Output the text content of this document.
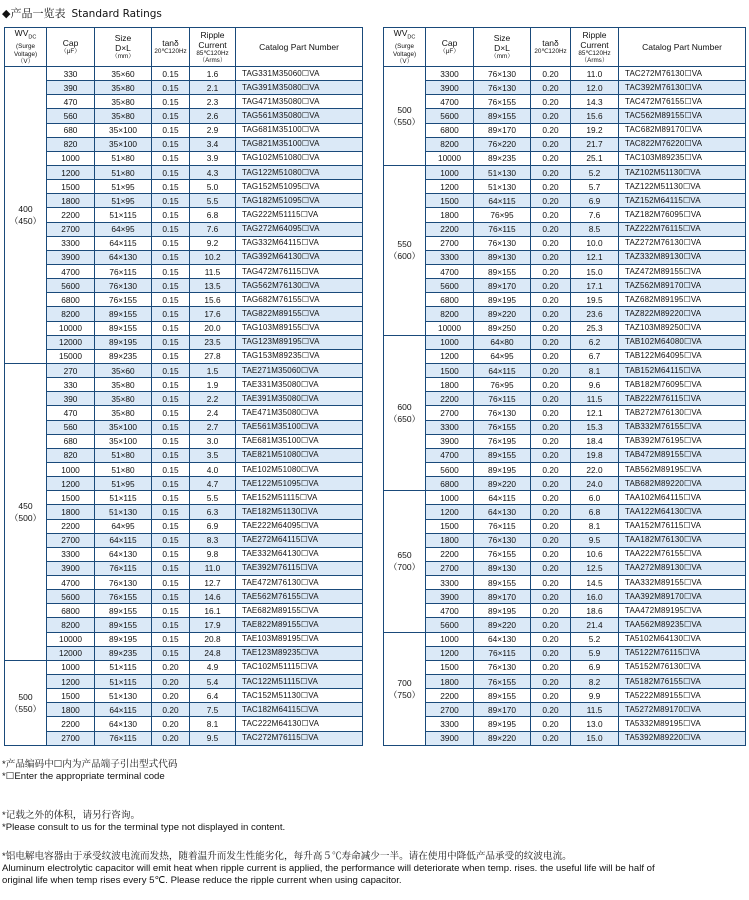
◆产品一览表 Standard Ratings
$WV_{DC}$
(Surge
Voltage)
（V）	Cap
（μF）	Size
D×L
（mm）	tanδ
20℃120Hz	Ripple
Current
85℃120Hz
（Arms）	Catalog Part Number

400
（450）	330	35×60	0.15	1.6	TAG331M35060☐VA
	390	35×80	0.15	2.1	TAG391M35080☐VA
	470	35×80	0.15	2.3	TAG471M35080☐VA
	560	35×80	0.15	2.6	TAG561M35080☐VA
	680	35×100	0.15	2.9	TAG681M35100☐VA
	820	35×100	0.15	3.4	TAG821M35100☐VA
	1000	51×80	0.15	3.9	TAG102M51080☐VA
	1200	51×80	0.15	4.3	TAG122M51080☐VA
	1500	51×95	0.15	5.0	TAG152M51095☐VA
	1800	51×95	0.15	5.5	TAG182M51095☐VA
	2200	51×115	0.15	6.8	TAG222M51115☐VA
	2700	64×95	0.15	7.6	TAG272M64095☐VA
	3300	64×115	0.15	9.2	TAG332M64115☐VA
	3900	64×130	0.15	10.2	TAG392M64130☐VA
	4700	76×115	0.15	11.5	TAG472M76115☐VA
	5600	76×130	0.15	13.5	TAG562M76130☐VA
	6800	76×155	0.15	15.6	TAG682M76155☐VA
	8200	89×155	0.15	17.6	TAG822M89155☐VA
	10000	89×155	0.15	20.0	TAG103M89155☐VA
	12000	89×195	0.15	23.5	TAG123M89195☐VA
	15000	89×235	0.15	27.8	TAG153M89235☐VA

450
（500）	270	35×60	0.15	1.5	TAE271M35060☐VA
	330	35×80	0.15	1.9	TAE331M35080☐VA
	390	35×80	0.15	2.2	TAE391M35080☐VA
	470	35×80	0.15	2.4	TAE471M35080☐VA
	560	35×100	0.15	2.7	TAE561M35100☐VA
	680	35×100	0.15	3.0	TAE681M35100☐VA
	820	51×80	0.15	3.5	TAE821M51080☐VA
	1000	51×80	0.15	4.0	TAE102M51080☐VA
	1200	51×95	0.15	4.7	TAE122M51095☐VA
	1500	51×115	0.15	5.5	TAE152M51115☐VA
	1800	51×130	0.15	6.3	TAE182M51130☐VA
	2200	64×95	0.15	6.9	TAE222M64095☐VA
	2700	64×115	0.15	8.3	TAE272M64115☐VA
	3300	64×130	0.15	9.8	TAE332M64130☐VA
	3900	76×115	0.15	11.0	TAE392M76115☐VA
	4700	76×130	0.15	12.7	TAE472M76130☐VA
	5600	76×155	0.15	14.6	TAE562M76155☐VA
	6800	89×155	0.15	16.1	TAE682M89155☐VA
	8200	89×155	0.15	17.9	TAE822M89155☐VA
	10000	89×195	0.15	20.8	TAE103M89195☐VA
	12000	89×235	0.15	24.8	TAE123M89235☐VA

500
（550）	1000	51×115	0.20	4.9	TAC102M51115☐VA
	1200	51×115	0.20	5.4	TAC122M51115☐VA
	1500	51×130	0.20	6.4	TAC152M51130☐VA
	1800	64×115	0.20	7.5	TAC182M64115☐VA
	2200	64×130	0.20	8.1	TAC222M64130☐VA
	2700	76×115	0.20	9.5	TAC272M76115☐VA
$WV_{DC}$
(Surge
Voltage)
（V）	Cap
（μF）	Size
D×L
（mm）	tanδ
20℃120Hz	Ripple
Current
85℃120Hz
（Arms）	Catalog Part Number

500
（550）	3300	76×130	0.20	11.0	TAC272M76130☐VA
	3900	76×130	0.20	12.0	TAC392M76130☐VA
	4700	76×155	0.20	14.3	TAC472M76155☐VA
	5600	89×155	0.20	15.6	TAC562M89155☐VA
	6800	89×170	0.20	19.2	TAC682M89170☐VA
	8200	76×220	0.20	21.7	TAC822M76220☐VA
	10000	89×235	0.20	25.1	TAC103M89235☐VA

550
（600）	1000	51×130	0.20	5.2	TAZ102M51130☐VA
	1200	51×130	0.20	5.7	TAZ122M51130☐VA
	1500	64×115	0.20	6.9	TAZ152M64115☐VA
	1800	76×95	0.20	7.6	TAZ182M76095☐VA
	2200	76×115	0.20	8.5	TAZ222M76115☐VA
	2700	76×130	0.20	10.0	TAZ272M76130☐VA
	3300	89×130	0.20	12.1	TAZ332M89130☐VA
	4700	89×155	0.20	15.0	TAZ472M89155☐VA
	5600	89×170	0.20	17.1	TAZ562M89170☐VA
	6800	89×195	0.20	19.5	TAZ682M89195☐VA
	8200	89×220	0.20	23.6	TAZ822M89220☐VA
	10000	89×250	0.20	25.3	TAZ103M89250☐VA

600
（650）	1000	64×80	0.20	6.2	TAB102M64080☐VA
	1200	64×95	0.20	6.7	TAB122M64095☐VA
	1500	64×115	0.20	8.1	TAB152M64115☐VA
	1800	76×95	0.20	9.6	TAB182M76095☐VA
	2200	76×115	0.20	11.5	TAB222M76115☐VA
	2700	76×130	0.20	12.1	TAB272M76130☐VA
	3300	76×155	0.20	15.3	TAB332M76155☐VA
	3900	76×195	0.20	18.4	TAB392M76195☐VA
	4700	89×155	0.20	19.8	TAB472M89155☐VA
	5600	89×195	0.20	22.0	TAB562M89195☐VA
	6800	89×220	0.20	24.0	TAB682M89220☐VA

650
（700）	1000	64×115	0.20	6.0	TAA102M64115☐VA
	1200	64×130	0.20	6.8	TAA122M64130☐VA
	1500	76×115	0.20	8.1	TAA152M76115☐VA
	1800	76×130	0.20	9.5	TAA182M76130☐VA
	2200	76×155	0.20	10.6	TAA222M76155☐VA
	2700	89×130	0.20	12.5	TAA272M89130☐VA
	3300	89×155	0.20	14.5	TAA332M89155☐VA
	3900	89×170	0.20	16.0	TAA392M89170☐VA
	4700	89×195	0.20	18.6	TAA472M89195☐VA
	5600	89×220	0.20	21.4	TAA562M89235☐VA

700
（750）	1000	64×130	0.20	5.2	TA5102M64130☐VA
	1200	76×115	0.20	5.9	TA5122M76115☐VA
	1500	76×130	0.20	6.9	TA5152M76130☐VA
	1800	76×155	0.20	8.2	TA5182M76155☐VA
	2200	89×155	0.20	9.9	TA5222M89155☐VA
	2700	89×170	0.20	11.5	TA5272M89170☐VA
	3300	89×195	0.20	13.0	TA5332M89195☐VA
	3900	89×220	0.20	15.0	TA5392M89220☐VA
*产品编码中☐内为产品端子引出型式代码
*☐Enter the appropriate terminal code
*记载之外的体积，请另行咨询。
*Please consult to us for the terminal type not displayed in content.
*铝电解电容器由于承受纹波电流而发热，随着温升而发生性能劣化，每升高５℃寿命减少一半。请在使用中降低产品承受的纹波电流。
Aluminum electrolytic capacitor will emit heat when ripple current is applied, the performance will deteriorate when temp. rises. the useful life will be half of
original life when temp rises every 5℃. Please reduce the ripple current when using capacitor.
